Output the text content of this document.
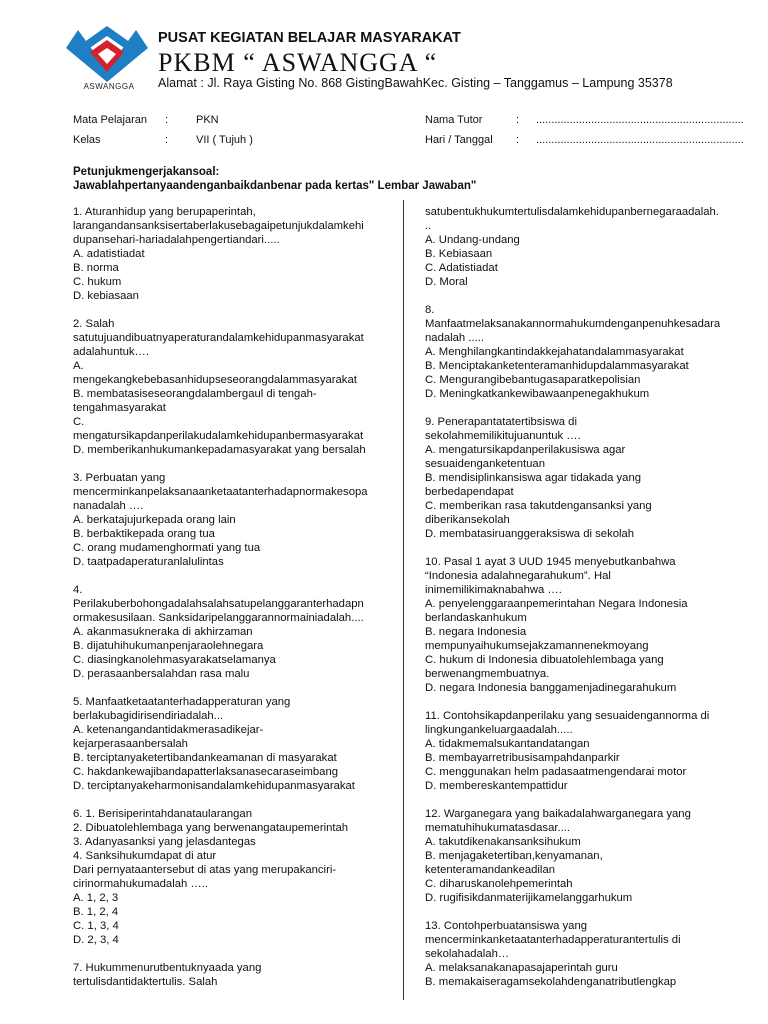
ASWANGGA
PUSAT KEGIATAN BELAJAR MASYARAKAT
PKBM “ ASWANGGA “
Alamat : Jl. Raya Gisting No. 868 GistingBawahKec. Gisting – Tanggamus – Lampung 35378
Mata Pelajaran :	PKN
Kelas	:	VII ( Tujuh )
Nama Tutor	: ....................................................................
Hari / Tanggal : ....................................................................
Petunjukmengerjakansoal:
Jawablahpertanyaandenganbaikdanbenar pada kertas" Lembar Jawaban"
1. Aturanhidup yang berupaperintah,
larangandansanksisertaberlakusebagaipetunjukdalamkehi
dupansehari-hariadalahpengertiandari.....
A. adatistiadat
B. norma
C. hukum
D. kebiasaan
2. Salah
satutujuandibuatnyaperaturandalamkehidupanmasyarakat
adalahuntuk….
A.
mengekangkebebasanhidupseseorangdalammasyarakat
B. membatasiseseorangdalambergaul di tengah-
tengahmasyarakat
C.
mengatursikapdanperilakudalamkehidupanbermasyarakat
D. memberikanhukumankepadamasyarakat yang bersalah
3. Perbuatan yang
mencerminkanpelaksanaanketaatanterhadapnormakesopa
nanadalah ….
A. berkatajujurkepada orang lain
B. berbaktikepada orang tua
C. orang mudamenghormati yang tua
D. taatpadaperaturanlalulintas
4.
Perilakuberbohongadalahsalahsatupelanggaranterhadapn
ormakesusilaan. Sanksidaripelanggarannormainiadalah....
A. akanmasukneraka di akhirzaman
B. dijatuhihukumanpenjaraolehnegara
C. diasingkanolehmasyarakatselamanya
D. perasaanbersalahdan rasa malu
5. Manfaatketaatanterhadapperaturan yang
berlakubagidirisendiriadalah...
A. ketenangandantidakmerasadikejar-
kejarperasaanbersalah
B. terciptanyaketertibandankeamanan di masyarakat
C. hakdankewajibandapatterlaksanasecaraseimbang
D. terciptanyakeharmonisandalamkehidupanmasyarakat
6. 1. Berisiperintahdanataularangan
2. Dibuatolehlembaga yang berwenangataupemerintah
3. Adanyasanksi yang jelasdantegas
4. Sanksihukumdapat di atur
Dari pernyataantersebut di atas yang merupakanciri-
cirinormahukumadalah …..
A. 1, 2, 3
B. 1, 2, 4
C. 1, 3, 4
D. 2, 3, 4
7. Hukummenurutbentuknyaada yang
tertulisdantidaktertulis. Salah
satubentukhukumtertulisdalamkehidupanbernegaraadalah.
..
A. Undang-undang
B. Kebiasaan
C. Adatistiadat
D. Moral
8.
Manfaatmelaksanakannormahukumdenganpenuhkesadara
nadalah .....
A. Menghilangkantindakkejahatandalammasyarakat
B. Menciptakanketenteramanhidupdalammasyarakat
C. Mengurangibebantugasaparatkepolisian
D. Meningkatkankewibawaanpenegakhukum
9. Penerapantatatertibsiswa di
sekolahmemilikitujuanuntuk ….
A. mengatursikapdanperilakusiswa agar
sesuaidenganketentuan
B. mendisiplinkansiswa agar tidakada yang
berbedapendapat
C. memberikan rasa takutdengansanksi yang
diberikansekolah
D. membatasiruanggeraksiswa di sekolah
10. Pasal 1 ayat 3 UUD 1945 menyebutkanbahwa
“Indonesia adalahnegarahukum”. Hal
inimemilikimaknabahwa ….
A. penyelenggaraanpemerintahan Negara Indonesia
berlandaskanhukum
B. negara Indonesia
mempunyaihukumsejakzamannenekmoyang
C. hukum di Indonesia dibuatolehlembaga yang
berwenangmembuatnya.
D. negara Indonesia banggamenjadinegarahukum
11. Contohsikapdanperilaku yang sesuaidengannorma di
lingkungankeluargaadalah.....
A. tidakmemalsukantandatangan
B. membayarretribusisampahdanparkir
C. menggunakan helm padasaatmengendarai motor
D. membereskantempattidur
12. Warganegara yang baikadalahwarganegara yang
mematuhihukumatasdasar....
A. takutdikenakansanksihukum
B. menjagaketertiban,kenyamanan,
ketenteramandankeadilan
C. diharuskanolehpemerintah
D. rugifisikdanmaterijikamelanggarhukum
13. Contohperbuatansiswa yang
mencerminkanketaatanterhadapperaturantertulis di
sekolahadalah…
A. melaksanakanapasajaperintah guru
B. memakaiseragamsekolahdenganatributlengkap
